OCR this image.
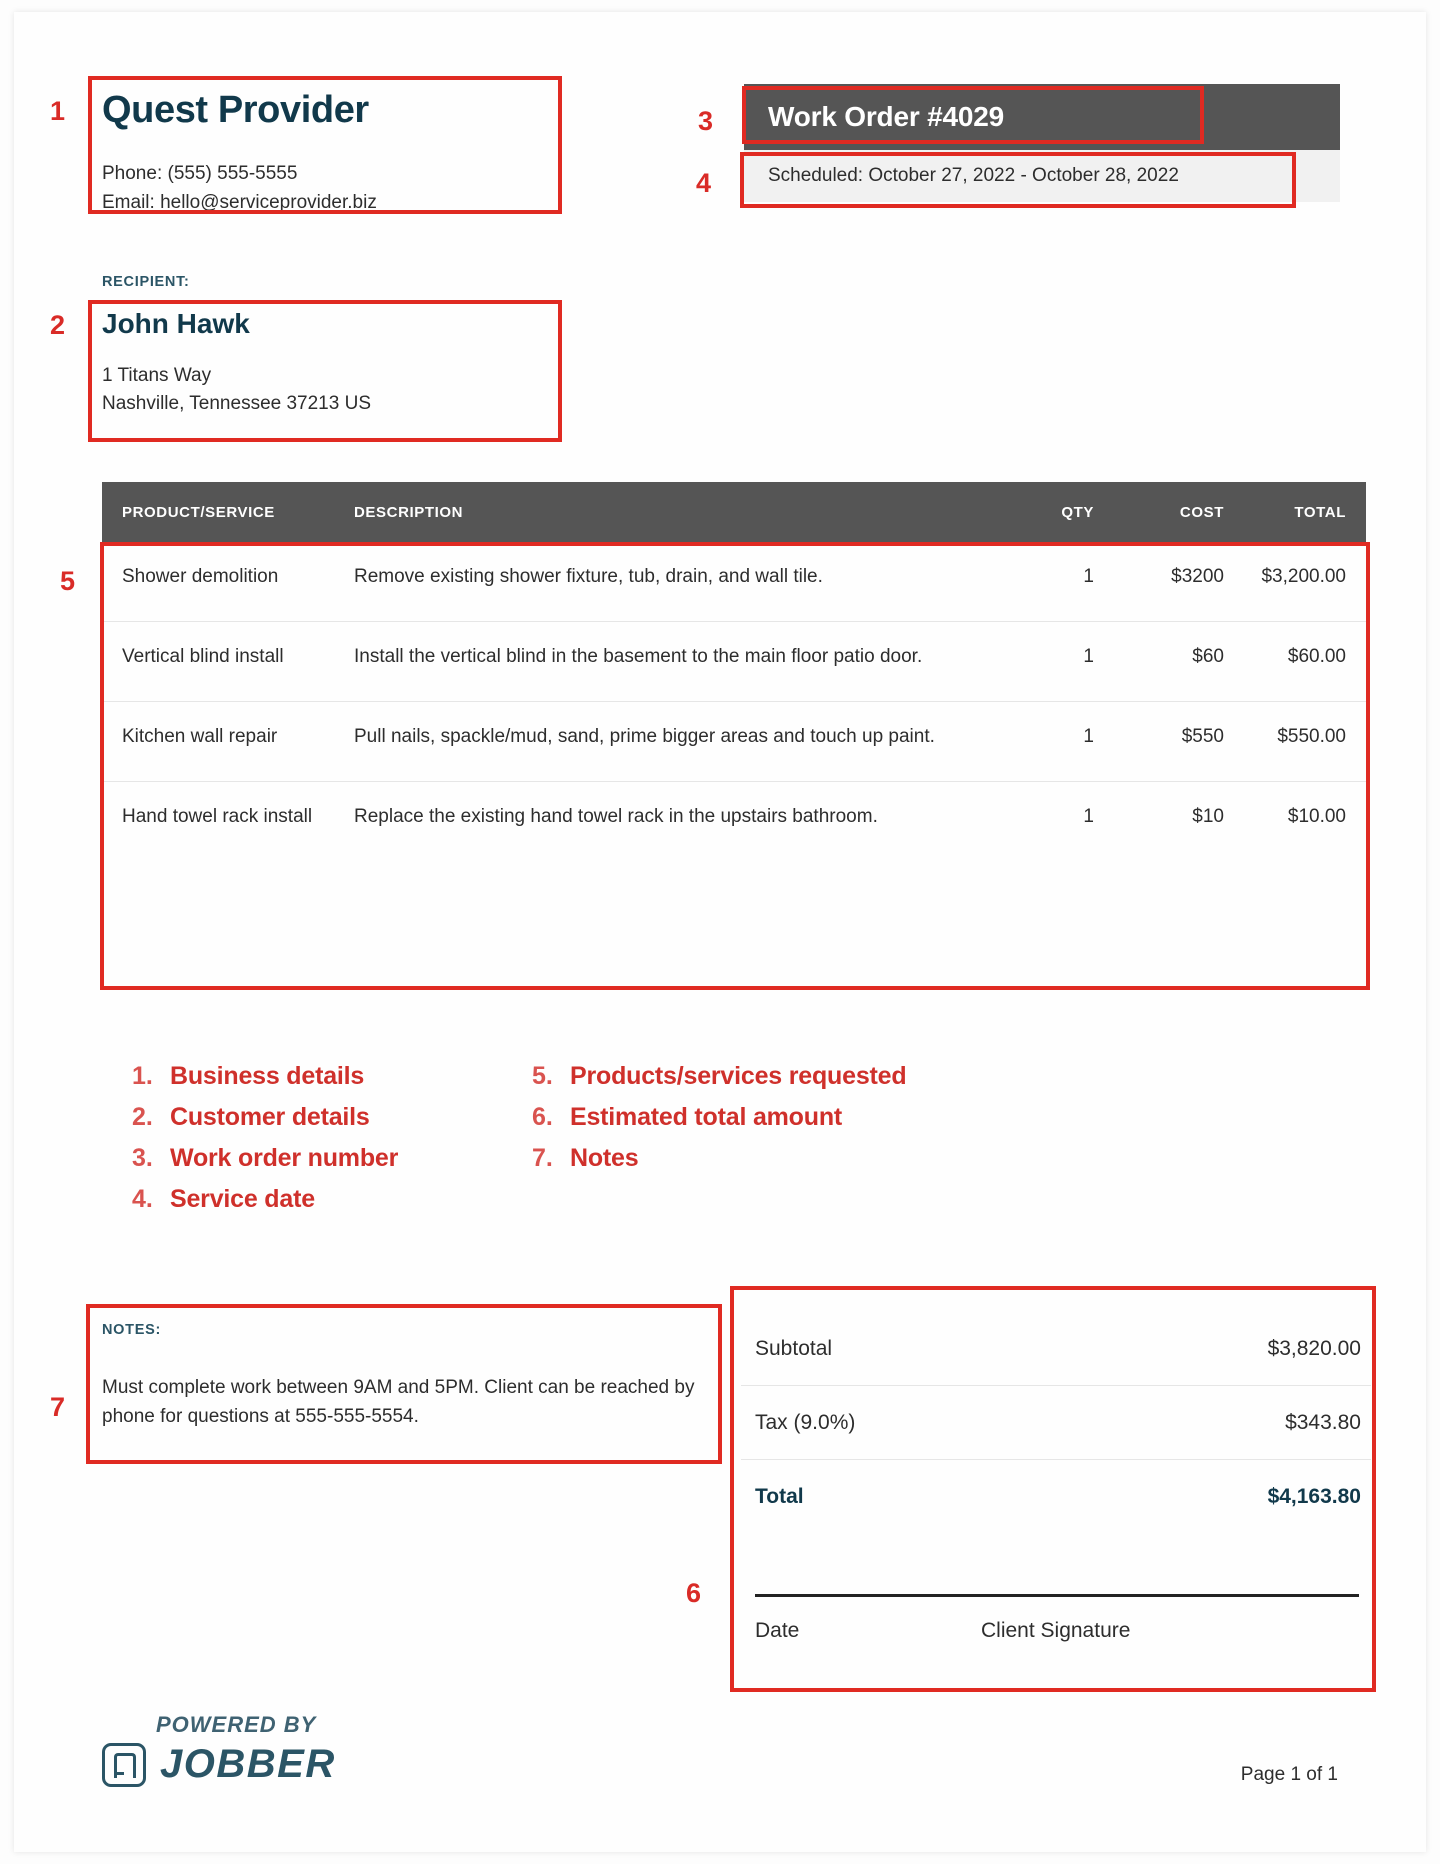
Quest Provider
Phone: (555) 555-5555
Email: hello@serviceprovider.biz
1
RECIPIENT:
John Hawk
1 Titans Way
Nashville, Tennessee 37213 US
2
Work Order #4029
3
Scheduled: October 27, 2022 - October 28, 2022
4
PRODUCT/SERVICE	DESCRIPTION	QTY	COST	TOTAL
Shower demolition	Remove existing shower fixture, tub, drain, and wall tile.	1	$3200	$3,200.00
Vertical blind install	Install the vertical blind in the basement to the main floor patio door.	1	$60	$60.00
Kitchen wall repair	Pull nails, spackle/mud, sand, prime bigger areas and touch up paint.	1	$550	$550.00
Hand towel rack install	Replace the existing hand towel rack in the upstairs bathroom.	1	$10	$10.00
5
1. Business details
2. Customer details
3. Work order number
4. Service date
5. Products/services requested
6. Estimated total amount
7. Notes
NOTES:
Must complete work between 9AM and 5PM. Client can be reached by phone for questions at 555-555-5554.
7
Subtotal	$3,820.00
Tax (9.0%)	$343.80
Total	$4,163.80
Date	Client Signature
6
POWERED BY
JOBBER	Page 1 of 1
